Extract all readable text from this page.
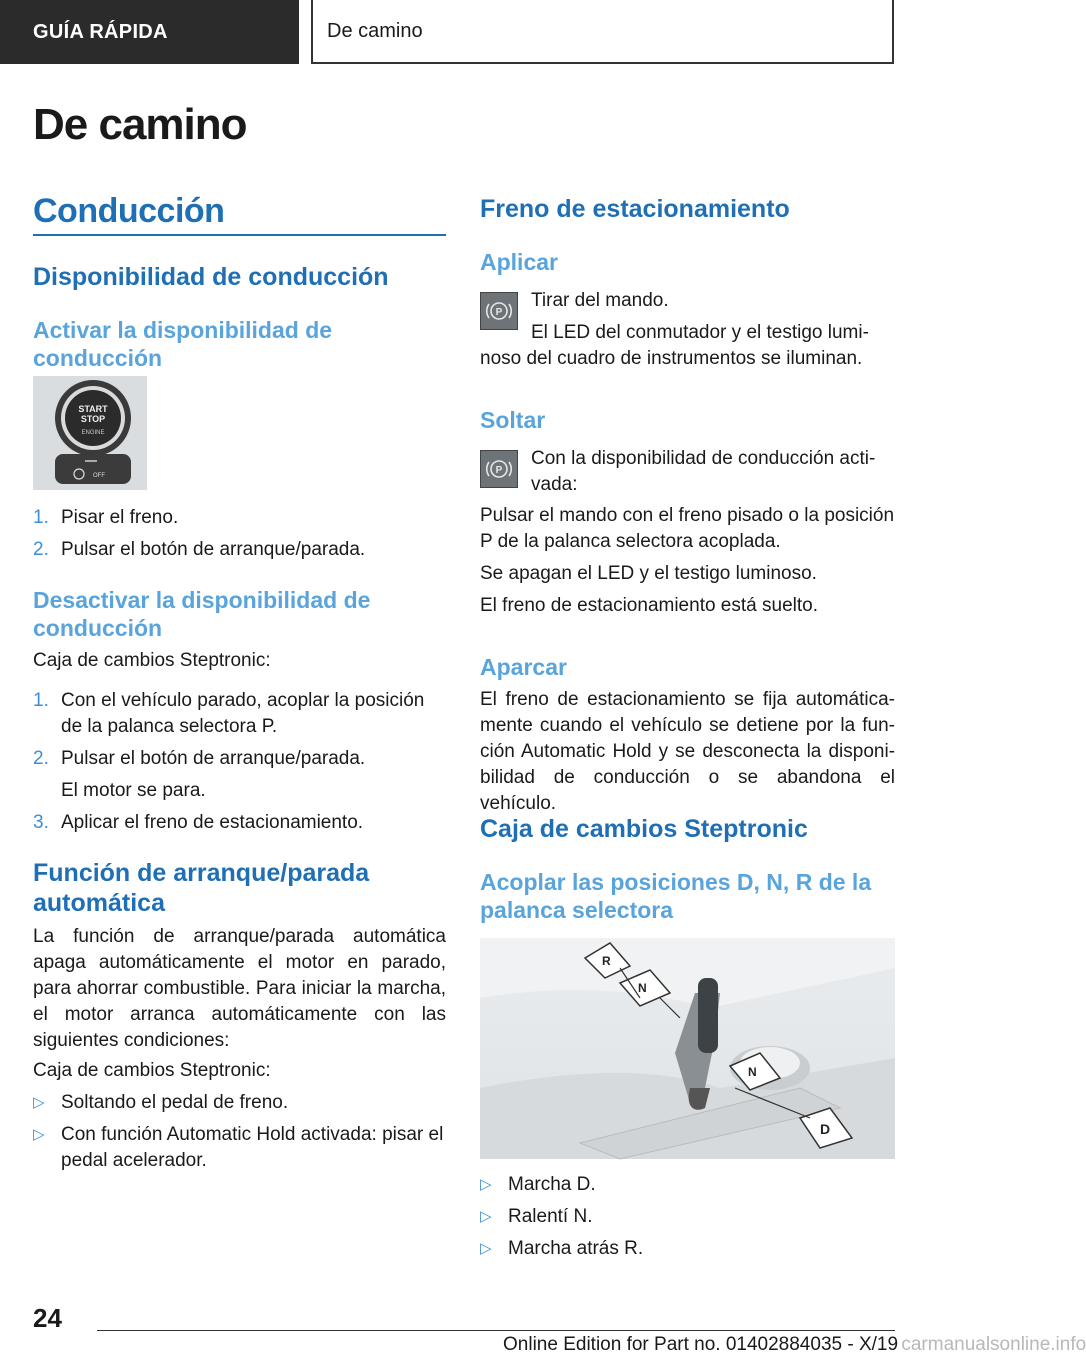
GUÍA RÁPIDA	De camino
De camino
Conducción
Disponibilidad de conducción
Activar la disponibilidad de conducción
START
STOP
ENGINE
OFF
1. Pisar el freno.
2. Pulsar el botón de arranque/parada.
Desactivar la disponibilidad de conducción
Caja de cambios Steptronic:
1. Con el vehículo parado, acoplar la posición de la palanca selectora P.
2. Pulsar el botón de arranque/parada.
El motor se para.
3. Aplicar el freno de estacionamiento.
Función de arranque/parada automática
La función de arranque/parada automática apaga automáticamente el motor en parado, para ahorrar combustible. Para iniciar la marcha, el motor arranca automáticamente con las siguientes condiciones:
Caja de cambios Steptronic:
▷ Soltando el pedal de freno.
▷ Con función Automatic Hold activada: pisar el pedal acelerador.
Freno de estacionamiento
Aplicar
P
Tirar del mando.
El LED del conmutador y el testigo luminoso del cuadro de instrumentos se iluminan.
Soltar
P
Con la disponibilidad de conducción activada:
Pulsar el mando con el freno pisado o la posición P de la palanca selectora acoplada.
Se apagan el LED y el testigo luminoso.
El freno de estacionamiento está suelto.
Aparcar
El freno de estacionamiento se fija automáticamente cuando el vehículo se detiene por la función Automatic Hold y se desconecta la disponibilidad de conducción o se abandona el vehículo.
Caja de cambios Steptronic
Acoplar las posiciones D, N, R de la palanca selectora
R
N
N
D
▷ Marcha D.
▷ Ralentí N.
▷ Marcha atrás R.
24
Online Edition for Part no. 01402884035 - X/19 carmanualsonline.info
